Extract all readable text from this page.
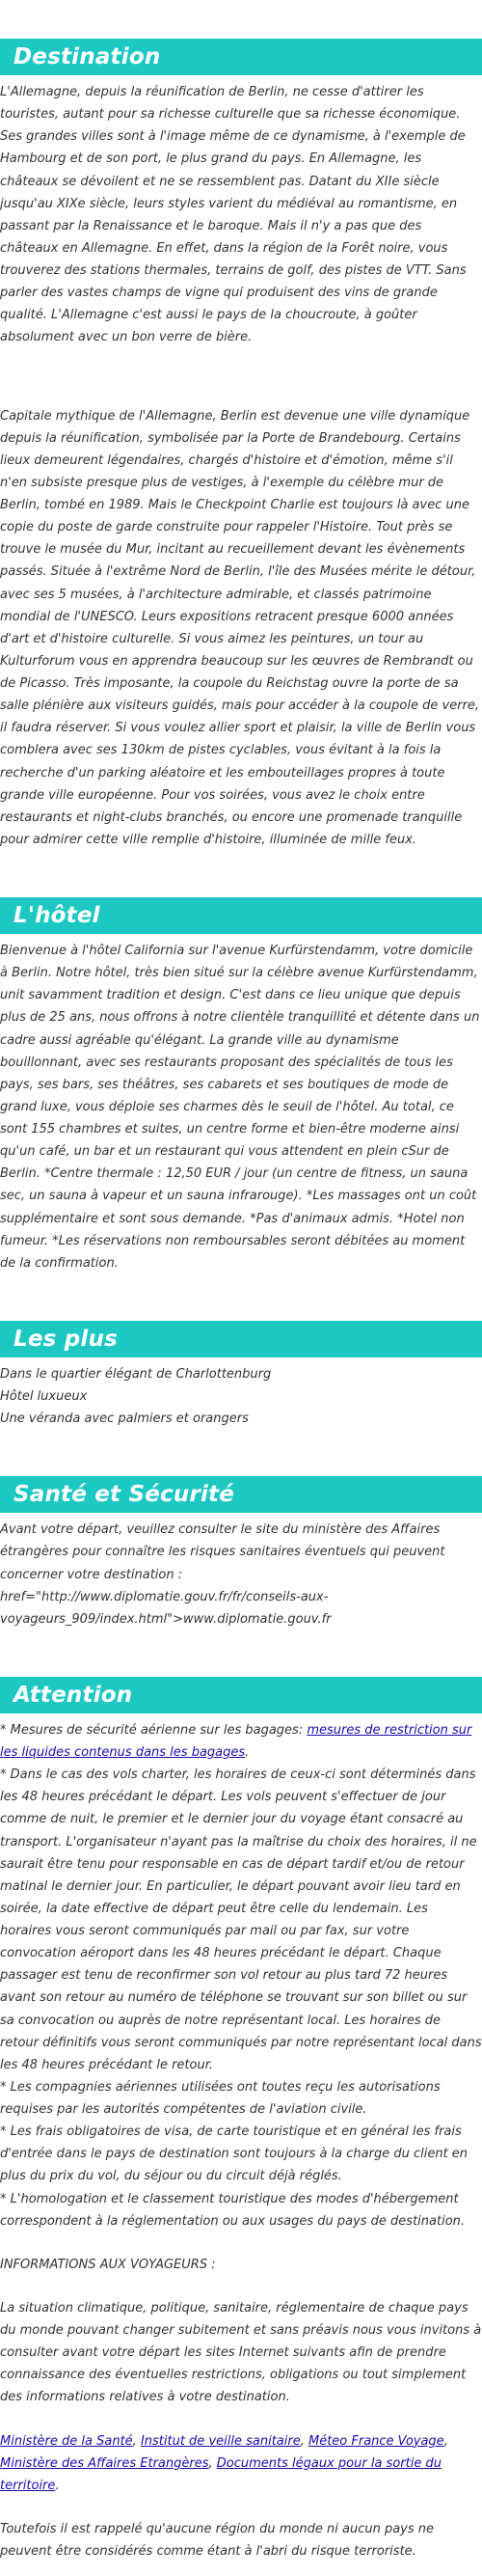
Destination

L'Allemagne, depuis la réunification de Berlin, ne cesse d'attirer les touristes, autant pour sa richesse culturelle que sa richesse économique. Ses grandes villes sont à l'image même de ce dynamisme, à l'exemple de Hambourg et de son port, le plus grand du pays. En Allemagne, les châteaux se dévoilent et ne se ressemblent pas. Datant du XIIe siècle jusqu'au XIXe siècle, leurs styles varient du médiéval au romantisme, en passant par la Renaissance et le baroque. Mais il n'y a pas que des châteaux en Allemagne. En effet, dans la région de la Forêt noire, vous trouverez des stations thermales, terrains de golf, des pistes de VTT. Sans parler des vastes champs de vigne qui produisent des vins de grande qualité. L'Allemagne c'est aussi le pays de la choucroute, à goûter absolument avec un bon verre de bière.

Capitale mythique de l'Allemagne, Berlin est devenue une ville dynamique depuis la réunification, symbolisée par la Porte de Brandebourg. Certains lieux demeurent légendaires, chargés d'histoire et d'émotion, même s'il n'en subsiste presque plus de vestiges, à l'exemple du célèbre mur de Berlin, tombé en 1989. Mais le Checkpoint Charlie est toujours là avec une copie du poste de garde construite pour rappeler l'Histoire. Tout près se trouve le musée du Mur, incitant au recueillement devant les évènements passés. Située à l'extrême Nord de Berlin, l'île des Musées mérite le détour, avec ses 5 musées, à l'architecture admirable, et classés patrimoine mondial de l'UNESCO. Leurs expositions retracent presque 6000 années d'art et d'histoire culturelle. Si vous aimez les peintures, un tour au Kulturforum vous en apprendra beaucoup sur les œuvres de Rembrandt ou de Picasso. Très imposante, la coupole du Reichstag ouvre la porte de sa salle plénière aux visiteurs guidés, mais pour accéder à la coupole de verre, il faudra réserver. Si vous voulez allier sport et plaisir, la ville de Berlin vous comblera avec ses 130km de pistes cyclables, vous évitant à la fois la recherche d'un parking aléatoire et les embouteillages propres à toute grande ville européenne. Pour vos soirées, vous avez le choix entre restaurants et night-clubs branchés, ou encore une promenade tranquille pour admirer cette ville remplie d'histoire, illuminée de mille feux.

L'hôtel

Bienvenue à l'hôtel California sur l'avenue Kurfürstendamm, votre domicile à Berlin. Notre hôtel, très bien situé sur la célèbre avenue Kurfürstendamm, unit savamment tradition et design. C'est dans ce lieu unique que depuis plus de 25 ans, nous offrons à notre clientèle tranquillité et détente dans un cadre aussi agréable qu'élégant. La grande ville au dynamisme bouillonnant, avec ses restaurants proposant des spécialités de tous les pays, ses bars, ses théâtres, ses cabarets et ses boutiques de mode de grand luxe, vous déploie ses charmes dès le seuil de l'hôtel. Au total, ce sont 155 chambres et suites, un centre forme et bien-être moderne ainsi qu'un café, un bar et un restaurant qui vous attendent en plein cSur de Berlin. *Centre thermale : 12,50 EUR / jour (un centre de fitness, un sauna sec, un sauna à vapeur et un sauna infrarouge). *Les massages ont un coût supplémentaire et sont sous demande. *Pas d'animaux admis. *Hotel non fumeur. *Les réservations non remboursables seront débitées au moment de la confirmation.

Les plus
Dans le quartier élégant de Charlottenburg
Hôtel luxueux
Une véranda avec palmiers et orangers
Santé et Sécurité

Avant votre départ, veuillez consulter le site du ministère des Affaires étrangères pour connaître les risques sanitaires éventuels qui peuvent concerner votre destination : href="http://www.diplomatie.gouv.fr/fr/conseils-aux-voyageurs_909/index.html">www.diplomatie.gouv.fr

Attention

* Mesures de sécurité aérienne sur les bagages: mesures de restriction sur les liquides contenus dans les bagages.

* Dans le cas des vols charter, les horaires de ceux-ci sont déterminés dans les 48 heures précédant le départ. Les vols peuvent s'effectuer de jour comme de nuit, le premier et le dernier jour du voyage étant consacré au transport. L'organisateur n'ayant pas la maîtrise du choix des horaires, il ne saurait être tenu pour responsable en cas de départ tardif et/ou de retour matinal le dernier jour. En particulier, le départ pouvant avoir lieu tard en soirée, la date effective de départ peut être celle du lendemain. Les horaires vous seront communiqués par mail ou par fax, sur votre convocation aéroport dans les 48 heures précédant le départ. Chaque passager est tenu de reconfirmer son vol retour au plus tard 72 heures avant son retour au numéro de téléphone se trouvant sur son billet ou sur sa convocation ou auprès de notre représentant local. Les horaires de retour définitifs vous seront communiqués par notre représentant local dans les 48 heures précédant le retour.

* Les compagnies aériennes utilisées ont toutes reçu les autorisations requises par les autorités compétentes de l'aviation civile.

* Les frais obligatoires de visa, de carte touristique et en général les frais d'entrée dans le pays de destination sont toujours à la charge du client en plus du prix du vol, du séjour ou du circuit déjà réglés.

* L'homologation et le classement touristique des modes d'hébergement correspondent à la réglementation ou aux usages du pays de destination.

INFORMATIONS AUX VOYAGEURS :

La situation climatique, politique, sanitaire, réglementaire de chaque pays du monde pouvant changer subitement et sans préavis nous vous invitons à consulter avant votre départ les sites Internet suivants afin de prendre connaissance des éventuelles restrictions, obligations ou tout simplement des informations relatives à votre destination.

Ministère de la Santé, Institut de veille sanitaire, Méteo France Voyage, Ministère des Affaires Etrangères, Documents légaux pour la sortie du territoire.

Toutefois il est rappelé qu'aucune région du monde ni aucun pays ne peuvent être considérés comme étant à l'abri du risque terroriste.
